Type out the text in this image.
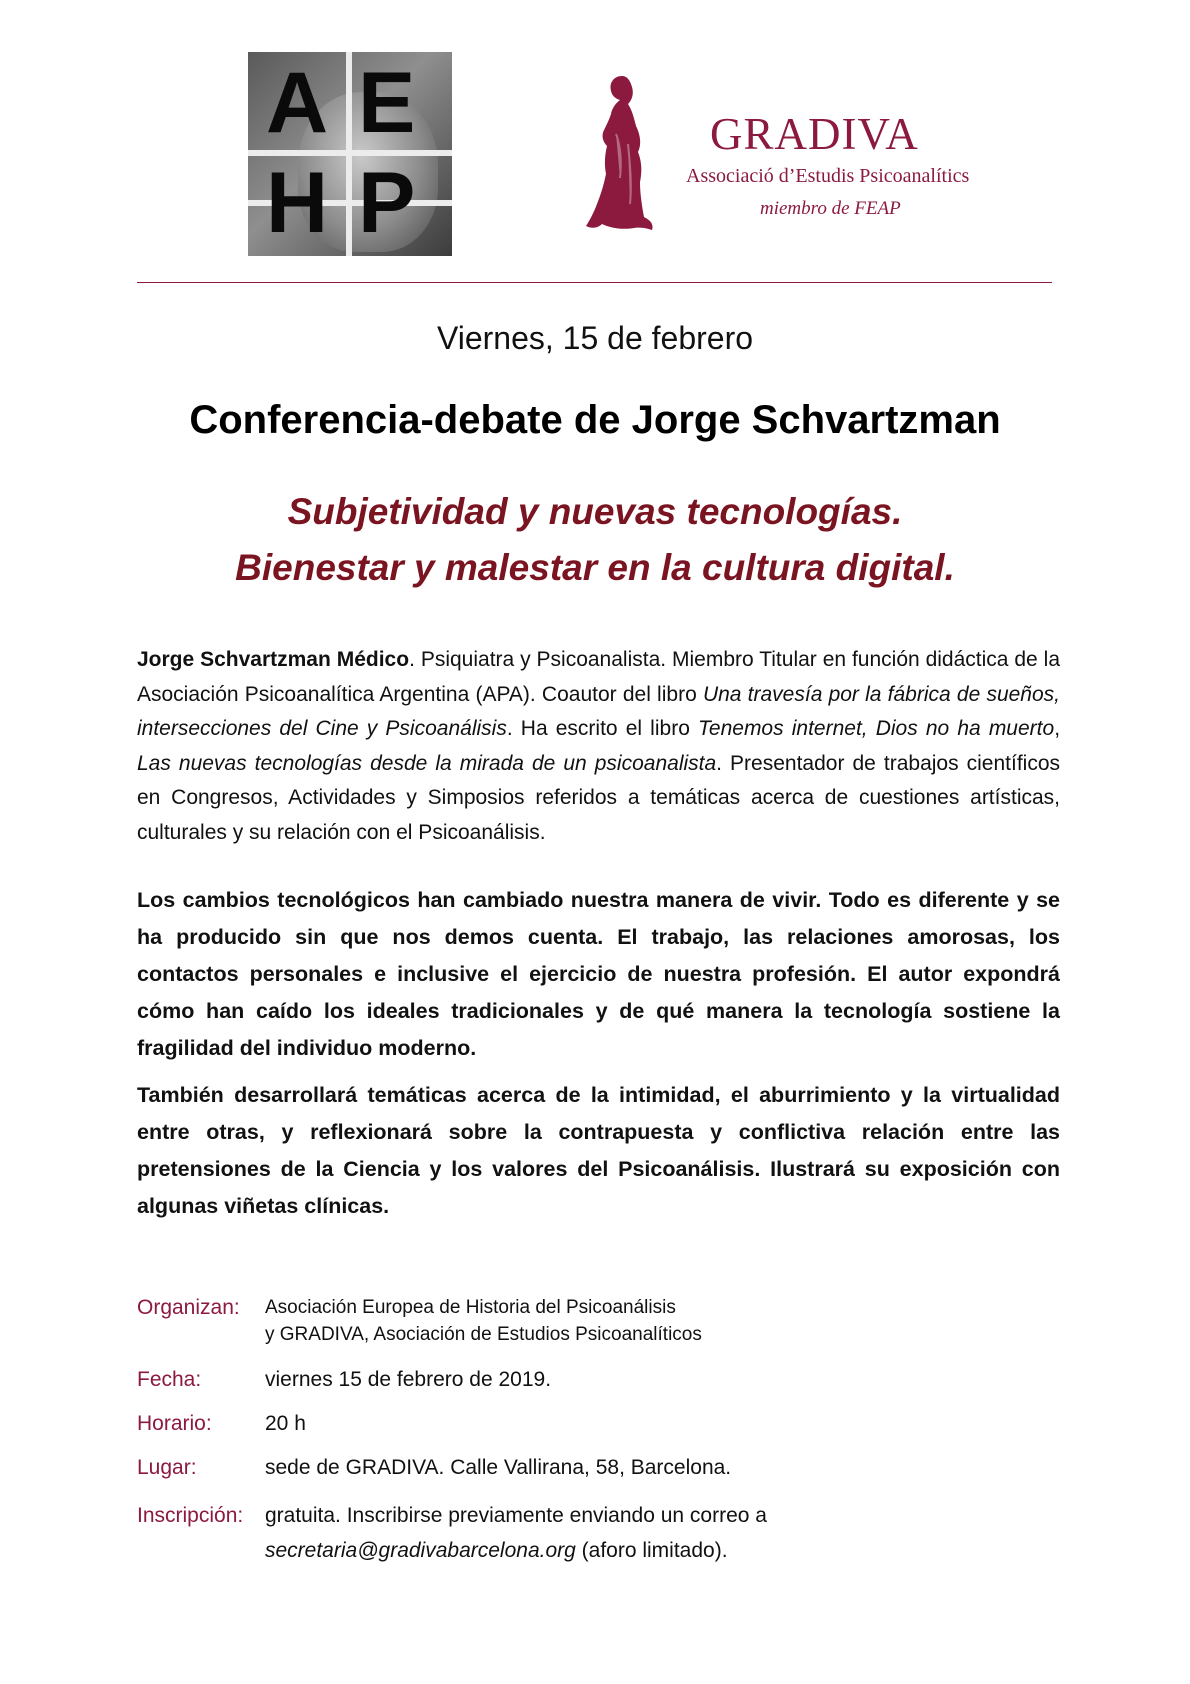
A E
H P
GRADIVA
Associació d’Estudis Psicoanalítics
miembro de FEAP
Viernes, 15 de febrero
Conferencia-debate de Jorge Schvartzman
Subjetividad y nuevas tecnologías.
Bienestar y malestar en la cultura digital.
Jorge Schvartzman Médico. Psiquiatra y Psicoanalista. Miembro Titular en función didáctica de la Asociación Psicoanalítica Argentina (APA). Coautor del libro Una travesía por la fábrica de sueños, intersecciones del Cine y Psicoanálisis. Ha escrito el libro Tenemos internet, Dios no ha muerto, Las nuevas tecnologías desde la mirada de un psicoanalista. Presentador de trabajos científicos en Congresos, Actividades y Simposios referidos a temáticas acerca de cuestiones artísticas, culturales y su relación con el Psicoanálisis.
Los cambios tecnológicos han cambiado nuestra manera de vivir. Todo es diferente y se ha producido sin que nos demos cuenta. El trabajo, las relaciones amorosas, los contactos personales e inclusive el ejercicio de nuestra profesión. El autor expondrá cómo han caído los ideales tradicionales y de qué manera la tecnología sostiene la fragilidad del individuo moderno.
También desarrollará temáticas acerca de la intimidad, el aburrimiento y la virtualidad entre otras, y reflexionará sobre la contrapuesta y conflictiva relación entre las pretensiones de la Ciencia y los valores del Psicoanálisis. Ilustrará su exposición con algunas viñetas clínicas.
Organizan:	Asociación Europea de Historia del Psicoanálisis
y GRADIVA, Asociación de Estudios Psicoanalíticos
Fecha:	viernes 15 de febrero de 2019.
Horario:	20 h
Lugar:	sede de GRADIVA. Calle Vallirana, 58, Barcelona.
Inscripción:	gratuita. Inscribirse previamente enviando un correo a
secretaria@gradivabarcelona.org (aforo limitado).
